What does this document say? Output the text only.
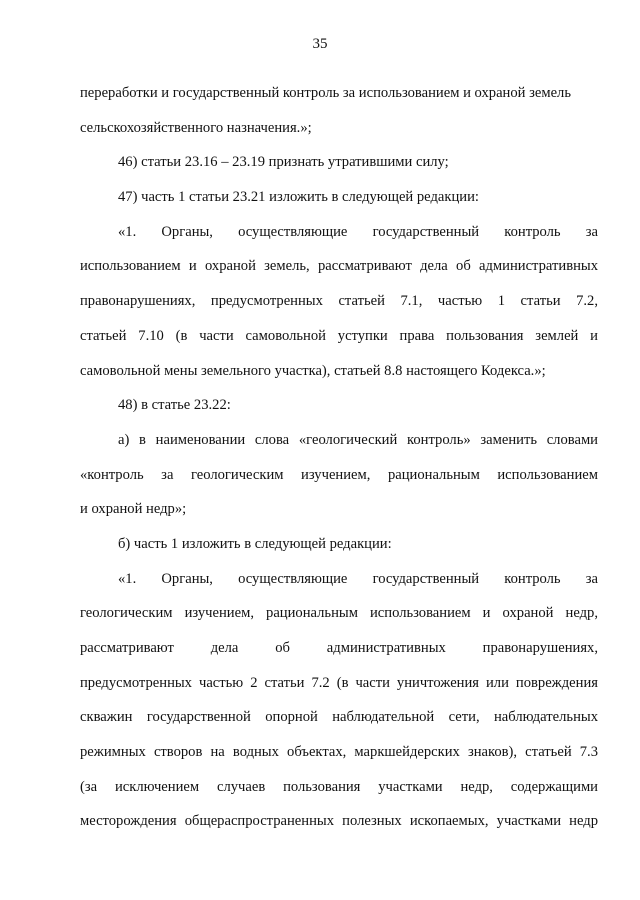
35
переработки и государственный контроль за использованием и охраной земель
сельскохозяйственного назначения.»;
46) статьи 23.16 – 23.19 признать утратившими силу;
47) часть 1 статьи 23.21 изложить в следующей редакции:
«1. Органы, осуществляющие государственный контроль за
использованием и охраной земель, рассматривают дела об административных
правонарушениях, предусмотренных статьей 7.1, частью 1 статьи 7.2,
статьей 7.10 (в части самовольной уступки права пользования землей и
самовольной мены земельного участка), статьей 8.8 настоящего Кодекса.»;
48) в статье 23.22:
а) в наименовании слова «геологический контроль» заменить словами
«контроль за геологическим изучением, рациональным использованием
и охраной недр»;
б) часть 1 изложить в следующей редакции:
«1. Органы, осуществляющие государственный контроль за
геологическим изучением, рациональным использованием и охраной недр,
рассматривают дела об административных правонарушениях,
предусмотренных частью 2 статьи 7.2 (в части уничтожения или повреждения
скважин государственной опорной наблюдательной сети, наблюдательных
режимных створов на водных объектах, маркшейдерских знаков), статьей 7.3
(за исключением случаев пользования участками недр, содержащими
месторождения общераспространенных полезных ископаемых, участками недр
